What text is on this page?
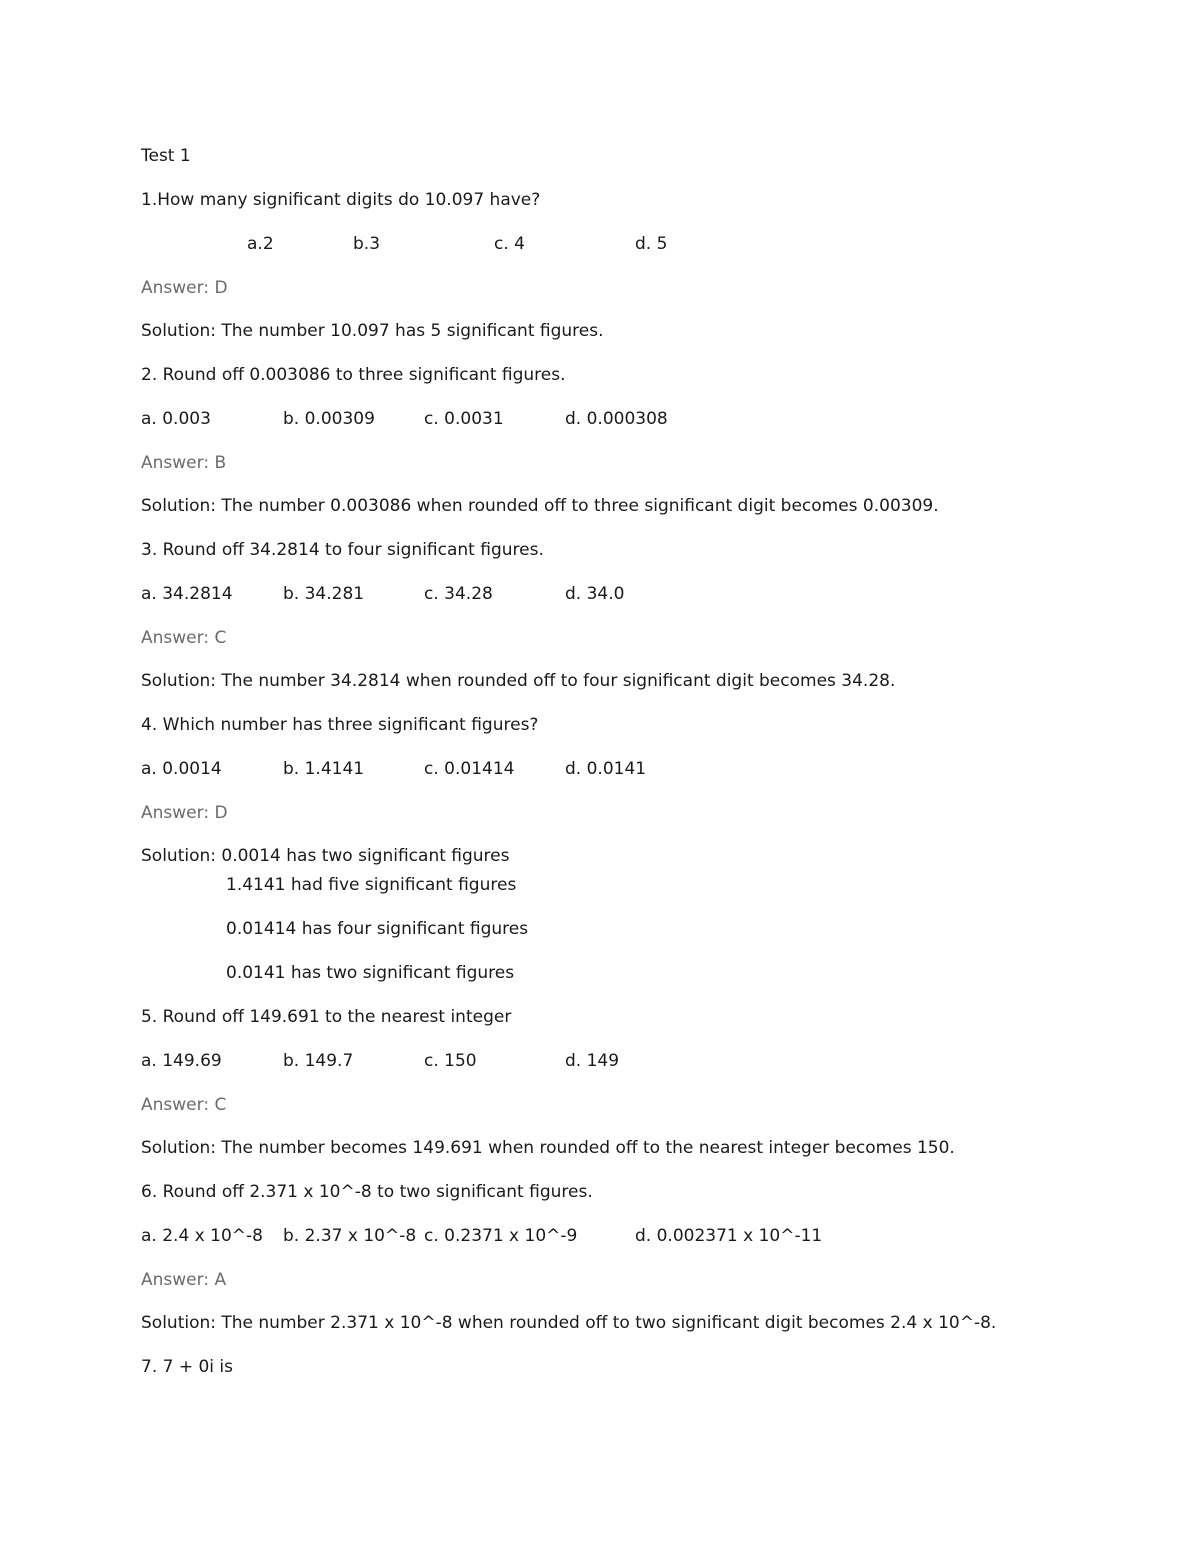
Test 1
1.How many significant digits do 10.097 have?
a.2	b.3	c. 4	d. 5
Answer: D
Solution: The number 10.097 has 5 significant figures.
2. Round off 0.003086 to three significant figures.
a. 0.003	b. 0.00309	c. 0.0031	d. 0.000308
Answer: B
Solution: The number 0.003086 when rounded off to three significant digit becomes 0.00309.
3. Round off 34.2814 to four significant figures.
a. 34.2814	b. 34.281	c. 34.28	d. 34.0
Answer: C
Solution: The number 34.2814 when rounded off to four significant digit becomes 34.28.
4. Which number has three significant figures?
a. 0.0014	b. 1.4141	c. 0.01414	d. 0.0141
Answer: D
Solution: 0.0014 has two significant figures
1.4141 had five significant figures
0.01414 has four significant figures
0.0141 has two significant figures
5. Round off 149.691 to the nearest integer
a. 149.69	b. 149.7	c. 150	d. 149
Answer: C
Solution: The number becomes 149.691 when rounded off to the nearest integer becomes 150.
6. Round off 2.371 x 10^-8 to two significant figures.
a. 2.4 x 10^-8 b. 2.37 x 10^-8 c. 0.2371 x 10^-9	d. 0.002371 x 10^-11
Answer: A
Solution: The number 2.371 x 10^-8 when rounded off to two significant digit becomes 2.4 x 10^-8.
7. 7 + 0i is
